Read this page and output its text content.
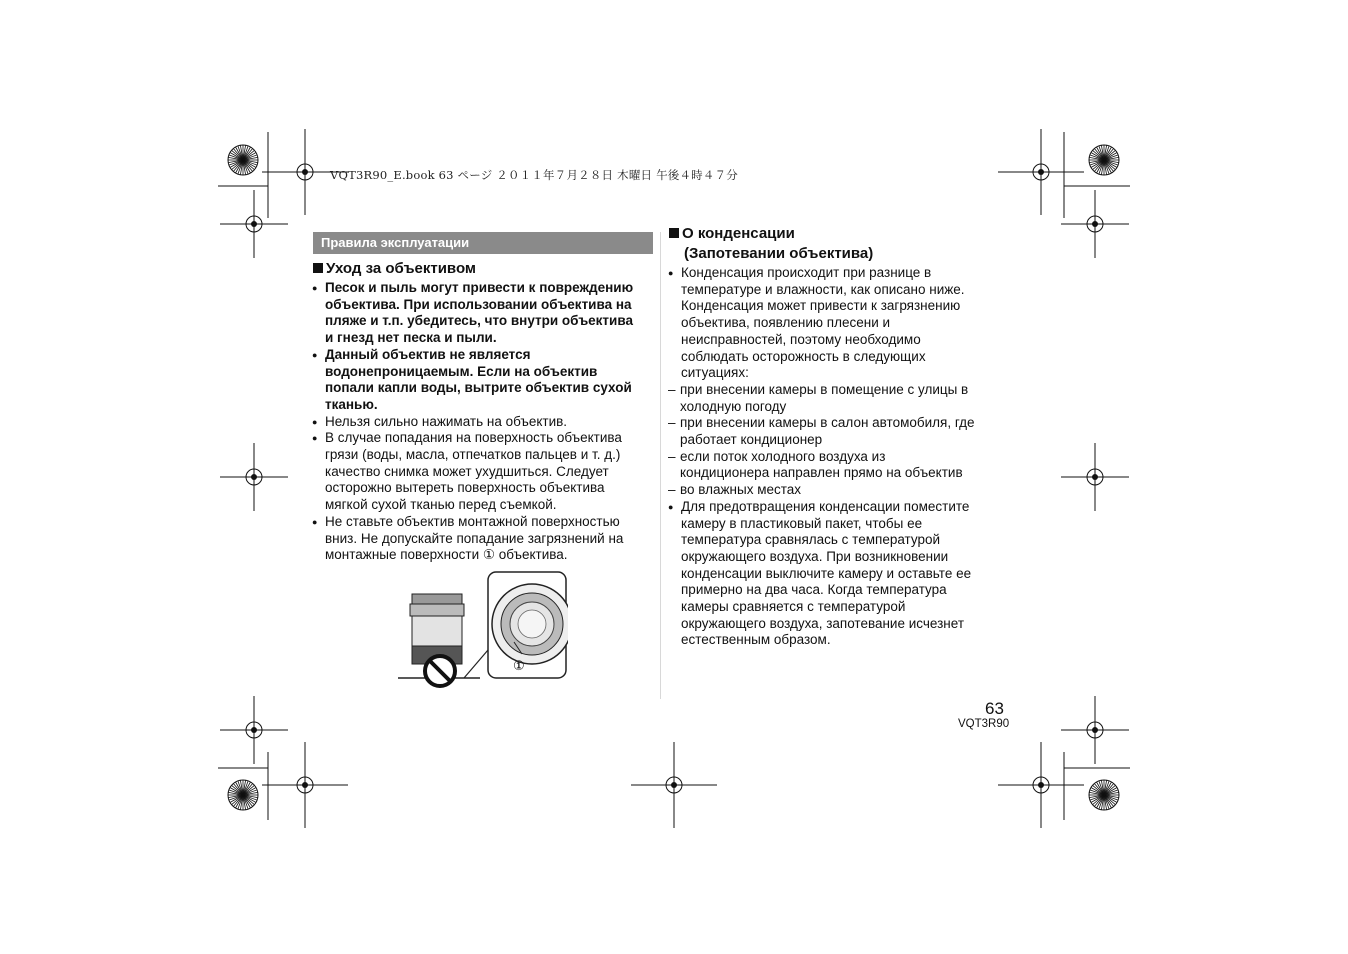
VQT3R90_E.book 63 ページ ２０１１年７月２８日 木曜日 午後４時４７分
Правила эксплуатации
Уход за объективом

● Песок и пыль могут привести к повреждению
объектива. При использовании объектива на
пляже и т.п. убедитесь, что внутри объектива
и гнезд нет песка и пыли.

● Данный объектив не является
водонепроницаемым. Если на объектив
попали капли воды, вытрите объектив сухой
тканью.

● Нельзя сильно нажимать на объектив.

● В случае попадания на поверхность объектива
грязи (воды, масла, отпечатков пальцев и т. д.)
качество снимка может ухудшиться. Следует
осторожно вытереть поверхность объектива
мягкой сухой тканью перед съемкой.

● Не ставьте объектив монтажной поверхностью
вниз. Не допускайте попадание загрязнений на
монтажные поверхности ① объектива.

①
О конденсации
(Запотевании объектива)

● Конденсация происходит при разнице в
температуре и влажности, как описано ниже.
Конденсация может привести к загрязнению
объектива, появлению плесени и
неисправностей, поэтому необходимо
соблюдать осторожность в следующих
ситуациях:

– при внесении камеры в помещение с улицы в
холодную погоду

– при внесении камеры в салон автомобиля, где
работает кондиционер

– если поток холодного воздуха из
кондиционера направлен прямо на объектив

– во влажных местах

● Для предотвращения конденсации поместите
камеру в пластиковый пакет, чтобы ее
температура сравнялась с температурой
окружающего воздуха. При возникновении
конденсации выключите камеру и оставьте ее
примерно на два часа. Когда температура
камеры сравняется с температурой
окружающего воздуха, запотевание исчезнет
естественным образом.

63
VQT3R90
